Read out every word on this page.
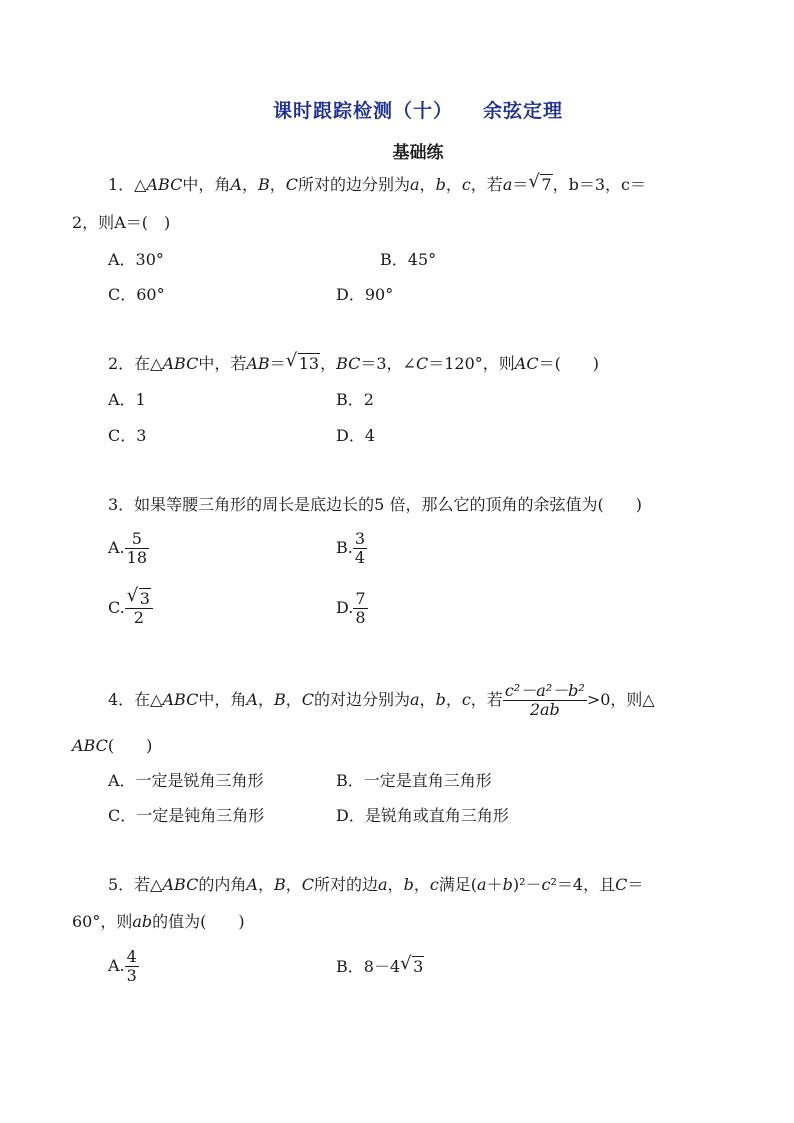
课时跟踪检测（十） 余弦定理
基础练
1．△ABC中，角A，B，C所对的边分别为a，b，c，若a＝ √ 7，b＝3，c＝
2，则A＝(　)
A．30°	B．45°
C．60°	D．90°
2．在△ABC中，若AB＝ √ 13，BC＝3，∠C＝120°，则AC＝(　　)
A．1	B．2
C．3	D．4
3．如果等腰三角形的周长是底边长的5 倍，那么它的顶角的余弦值为(　　)
A. $\frac{5}{18}$	B. $\frac{3}{4}$
C. $\frac{√ 3}{2}$	D. $\frac{7}{8}$
4．在△ABC中，角A，B，C的对边分别为a，b，c，若 $\frac{\text{c²－a²－b²}}{2ab} >0$，则△
ABC(　　)
A．一定是锐角三角形	B．一定是直角三角形
C．一定是钝角三角形	D．是锐角或直角三角形
5．若△ABC的内角A，B，C所对的边a，b，c满足(a＋b)²－c²＝4，且C＝
60°，则ab的值为(　　)
A. $\frac{4}{3}$	B．8－4 √ 3
